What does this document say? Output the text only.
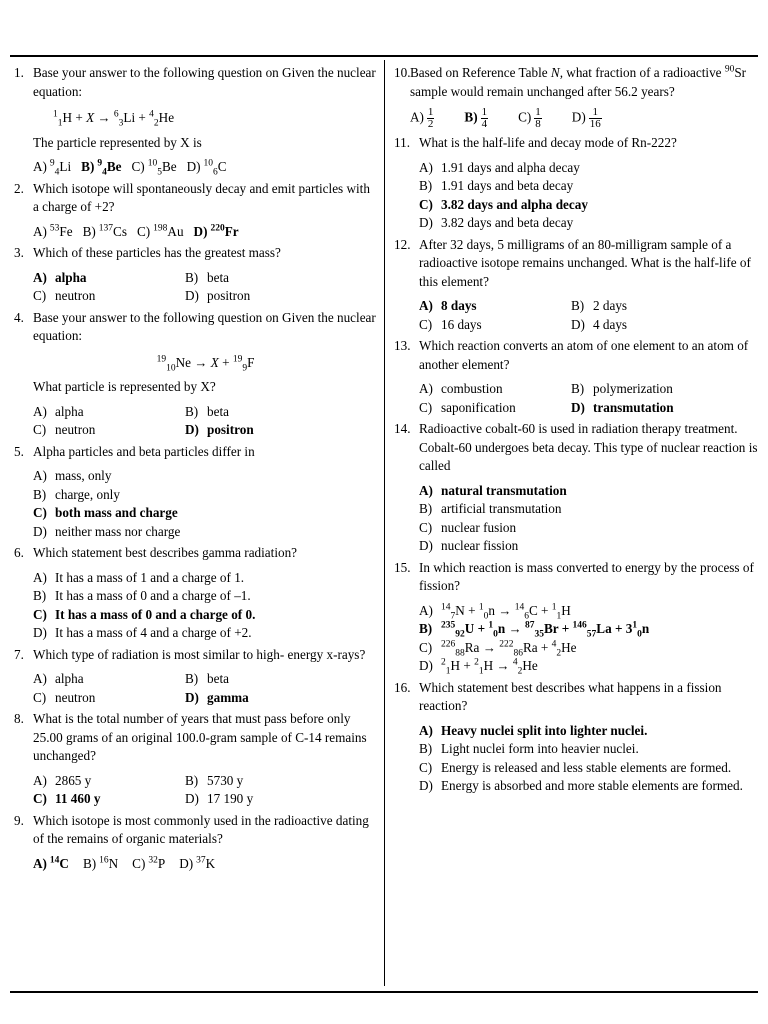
1. Base your answer to the following question on Given the nuclear equation:

$^1_1$H + X → $^6_3$Li + $^4_2$He

The particle represented by X is

A) $^9_4$Li B) $^9_4$Be C) $^{10}_5$Be D) $^{10}_6$C
2. Which isotope will spontaneously decay and emit particles with a charge of +2?

A) $^{53}$Fe B) $^{137}$Cs C) $^{198}$Au D) $^{220}$Fr
3. Which of these particles has the greatest mass?

A) alpha	B) beta
C) neutron	D) positron
4. Base your answer to the following question on Given the nuclear equation:

$^{19}_{10}$Ne → X + $^{19}_9$F

What particle is represented by X?

A) alpha	B) beta
C) neutron	D) positron
5. Alpha particles and beta particles differ in

A) mass, only
B) charge, only
C) both mass and charge
D) neither mass nor charge
6. Which statement best describes gamma radiation?

A) It has a mass of 1 and a charge of 1.
B) It has a mass of 0 and a charge of –1.
C) It has a mass of 0 and a charge of 0.
D) It has a mass of 4 and a charge of +2.
7. Which type of radiation is most similar to high- energy x-rays?

A) alpha	B) beta
C) neutron	D) gamma
8. What is the total number of years that must pass before only 25.00 grams of an original 100.0-gram sample of C-14 remains unchanged?

A) 2865 y	B) 5730 y
C) 11 460 y	D) 17 190 y
9. Which isotope is most commonly used in the radioactive dating of the remains of organic materials?

A) $^{14}$C B) $^{16}$N C) $^{32}$P D) $^{37}$K
10. Based on Reference Table N, what fraction of a radioactive $^{90}$Sr sample would remain unchanged after 56.2 years?

$A) \frac{1}{2} B) \frac{1}{4} C) \frac{1}{8} D) \frac{1}{16}$
11. What is the half-life and decay mode of Rn-222?

A) 1.91 days and alpha decay
B) 1.91 days and beta decay
C) 3.82 days and alpha decay
D) 3.82 days and beta decay
12. After 32 days, 5 milligrams of an 80-milligram sample of a radioactive isotope remains unchanged. What is the half-life of this element?

A) 8 days	B) 2 days
C) 16 days	D) 4 days
13. Which reaction converts an atom of one element to an atom of another element?

A) combustion	B) polymerization
C) saponification	D) transmutation
14. Radioactive cobalt-60 is used in radiation therapy treatment. Cobalt-60 undergoes beta decay. This type of nuclear reaction is called

A) natural transmutation
B) artificial transmutation
C) nuclear fusion
D) nuclear fission
15. In which reaction is mass converted to energy by the process of fission?

A) $^{14}_7$N + $^1_0$n → $^{14}_6$C + $^1_1$H
B) $^{235}_{92}U + ^1_0n \to ^{87}_{35}Br + ^{146}_{57}La + 3^1_0n$
C) $^{226}_{88}$Ra → $^{222}_{86}$Ra + $^4_2$He
D) $^2_1$H + $^2_1$H → $^4_2$He
16. Which statement best describes what happens in a fission reaction?

A) Heavy nuclei split into lighter nuclei.
B) Light nuclei form into heavier nuclei.
C) Energy is released and less stable elements are formed.
D) Energy is absorbed and more stable elements are formed.
